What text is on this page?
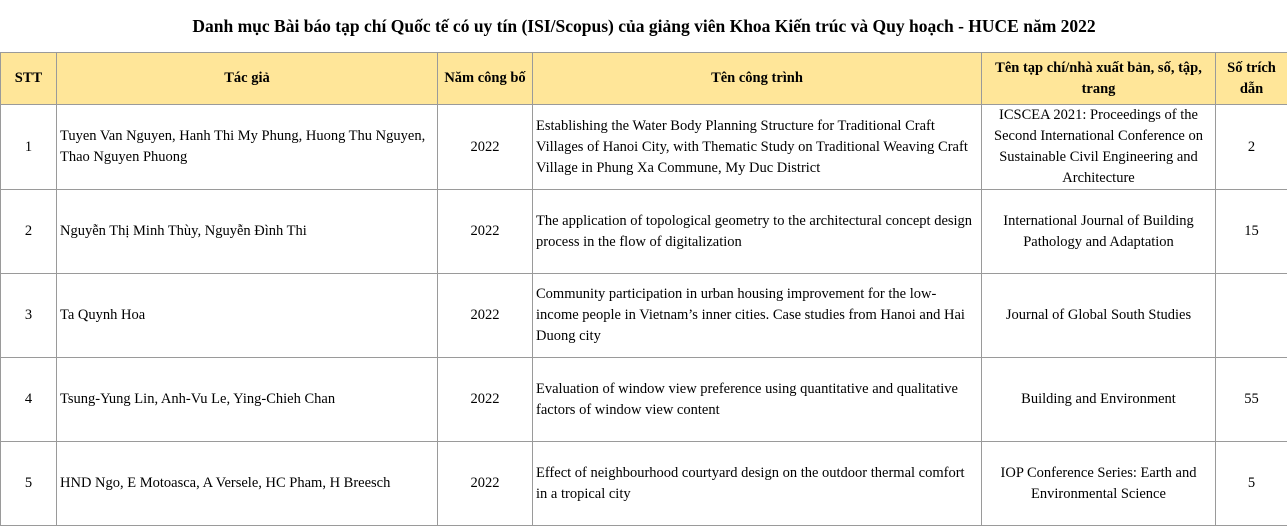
Danh mục Bài báo tạp chí Quốc tế có uy tín (ISI/Scopus) của giảng viên Khoa Kiến trúc và Quy hoạch - HUCE năm 2022					
STT	Tác giả	Năm công bố	Tên công trình	Tên tạp chí/nhà xuất bản, số, tập, trang	Số trích dẫn
1	Tuyen Van Nguyen, Hanh Thi My Phung, Huong Thu Nguyen, Thao Nguyen Phuong	2022	Establishing the Water Body Planning Structure for Traditional Craft Villages of Hanoi City, with Thematic Study on Traditional Weaving Craft Village in Phung Xa Commune, My Duc District	ICSCEA 2021: Proceedings of the Second International Conference on Sustainable Civil Engineering and Architecture	2
2	Nguyễn Thị Minh Thùy, Nguyễn Đình Thi	2022	The application of topological geometry to the architectural concept design process in the flow of digitalization	International Journal of Building Pathology and Adaptation	15
3	Ta Quynh Hoa	2022	Community participation in urban housing improvement for the low-income people in Vietnam’s inner cities. Case studies from Hanoi and Hai Duong city	Journal of Global South Studies	
4	Tsung-Yung Lin, Anh-Vu Le, Ying-Chieh Chan	2022	Evaluation of window view preference using quantitative and qualitative factors of window view content	Building and Environment	55
5	HND Ngo, E Motoasca, A Versele, HC Pham, H Breesch	2022	Effect of neighbourhood courtyard design on the outdoor thermal comfort in a tropical city	IOP Conference Series: Earth and Environmental Science	5
